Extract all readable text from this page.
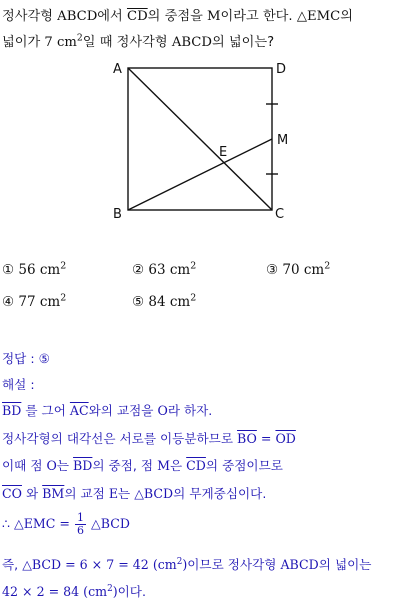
정사각형 ABCD에서 $\overline{CD}$의 중점을 M이라고 한다. △EMC의
넓이가 7 $cm^2$일 때 정사각형 ABCD의 넓이는?
A	D
B	C
E
M
① 56 $cm^2$	② 63 $cm^2$	③ 70 $cm^2$
④ 77 $cm^2$	⑤ 84 $cm^2$
정답 : ⑤
해설 :
$\overline{BD}$ 를 그어 $\overline{AC}$와의 교점을 O라 하자.
정사각형의 대각선은 서로를 이등분하므로 $\overline{BO} = \overline{OD}$
이때 점 O는 $\overline{BD}$의 중점, 점 M은 $\overline{CD}$의 중점이므로
$\overline{CO}$ 와 $\overline{BM}$의 교점 E는 △BCD의 무게중심이다.
∴ △EMC = $\frac{1}{6}$ △BCD
즉, △BCD = 6 × 7 = 42 $(cm^2)$이므로 정사각형 ABCD의 넓이는
42 × 2 = 84 $(cm^2)$이다.
